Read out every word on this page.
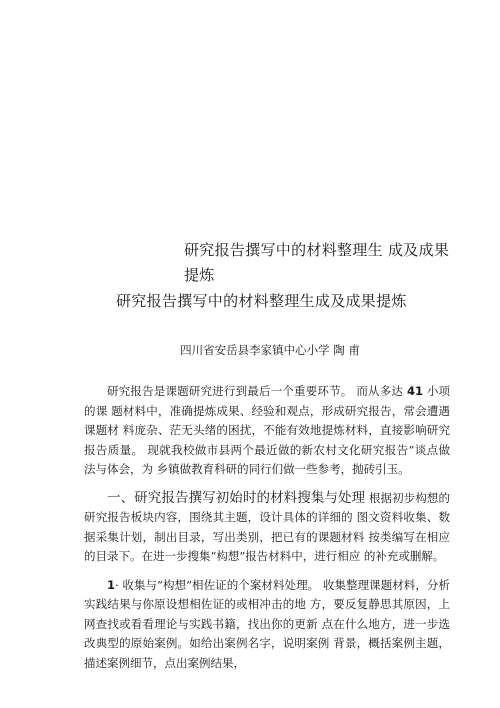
研究报告撰写中的材料整理生 成及成果提炼
研究报告撰写中的材料整理生成及成果提炼
四川省安岳县李家镇中心小学 陶 甫

研究报告是课题研究进行到最后一个重要环节。 而从多达 41 小项的课 题材料中，准确提炼成果、经验和观点，形成研究报告，常会遭遇课题材 料庞杂、茫无头绪的困扰，不能有效地提炼材料，直接影响研究报告质量。 现就我校做市县两个最近做的新农村文化研究报告”谈点做法与体会，为 乡镇做教育科研的同行们做一些参考，抛砖引玉。

一、研究报告撰写初始时的材料搜集与处理 根据初步构想的研究报告板块内容，围绕其主题，设计具体的详细的 图文资料收集、数据采集计划，制出目录，写出类别，把已有的课题材料 按类编写在相应的目录下。在进一步搜集“构想”报告材料中，进行相应 的补充或删解。

1· 收集与“构想”相佐证的个案材料处理。 收集整理课题材料，分析实践结果与你原设想相佐证的或相冲击的地 方，要反复静思其原因，上网查找或看看理论与实践书籍，找出你的更新 点在什么地方，进一步选改典型的原始案例。如给出案例名字，说明案例 背景，概括案例主题，描述案例细节，点出案例结果，
